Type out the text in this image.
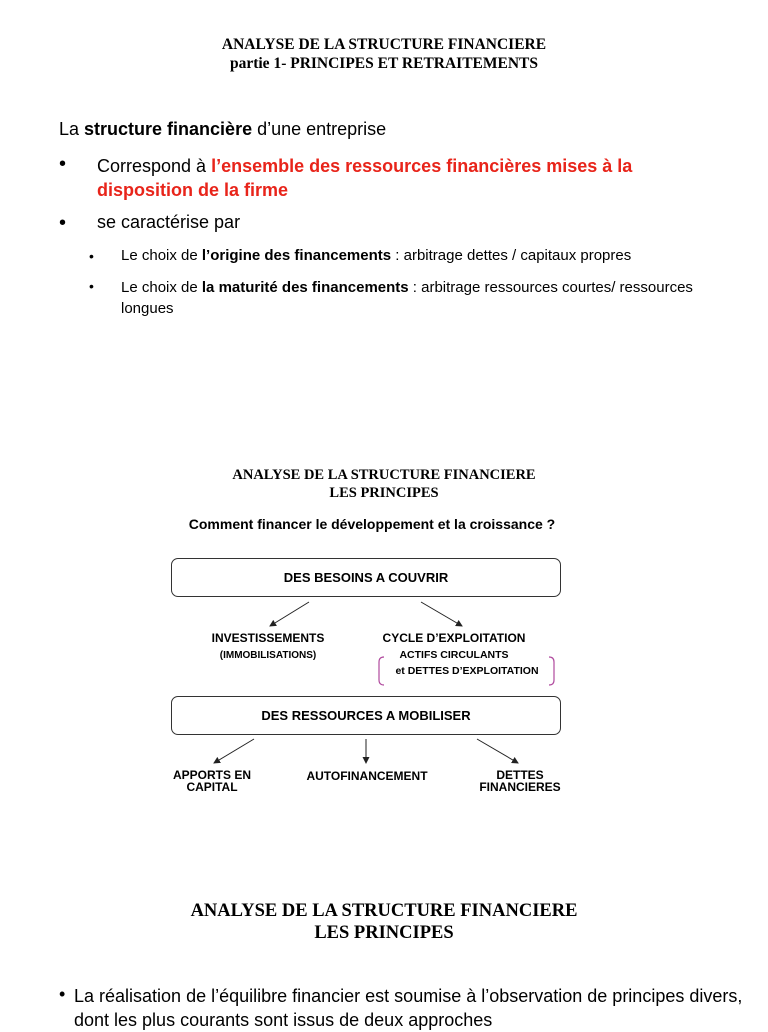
ANALYSE DE LA STRUCTURE FINANCIERE
partie 1- PRINCIPES ET RETRAITEMENTS
La structure financière d’une entreprise
• Correspond à l’ensemble des ressources financières mises à la disposition de la firme
• se caractérise par
• Le choix de l’origine des financements : arbitrage dettes / capitaux propres
• Le choix de la maturité des financements : arbitrage ressources courtes/ ressources longues
ANALYSE DE LA STRUCTURE FINANCIERE
LES PRINCIPES
Comment financer le développement et la croissance ?
DES BESOINS A COUVRIR
INVESTISSEMENTS
(IMMOBILISATIONS)
CYCLE D’EXPLOITATION
ACTIFS CIRCULANTS
et DETTES D’EXPLOITATION
DES RESSOURCES A MOBILISER
APPORTS EN
CAPITAL
AUTOFINANCEMENT	DETTES
FINANCIERES
ANALYSE DE LA STRUCTURE FINANCIERE
LES PRINCIPES
• La réalisation de l’équilibre financier est soumise à l’observation de principes divers, dont les plus courants sont issus de deux approches
